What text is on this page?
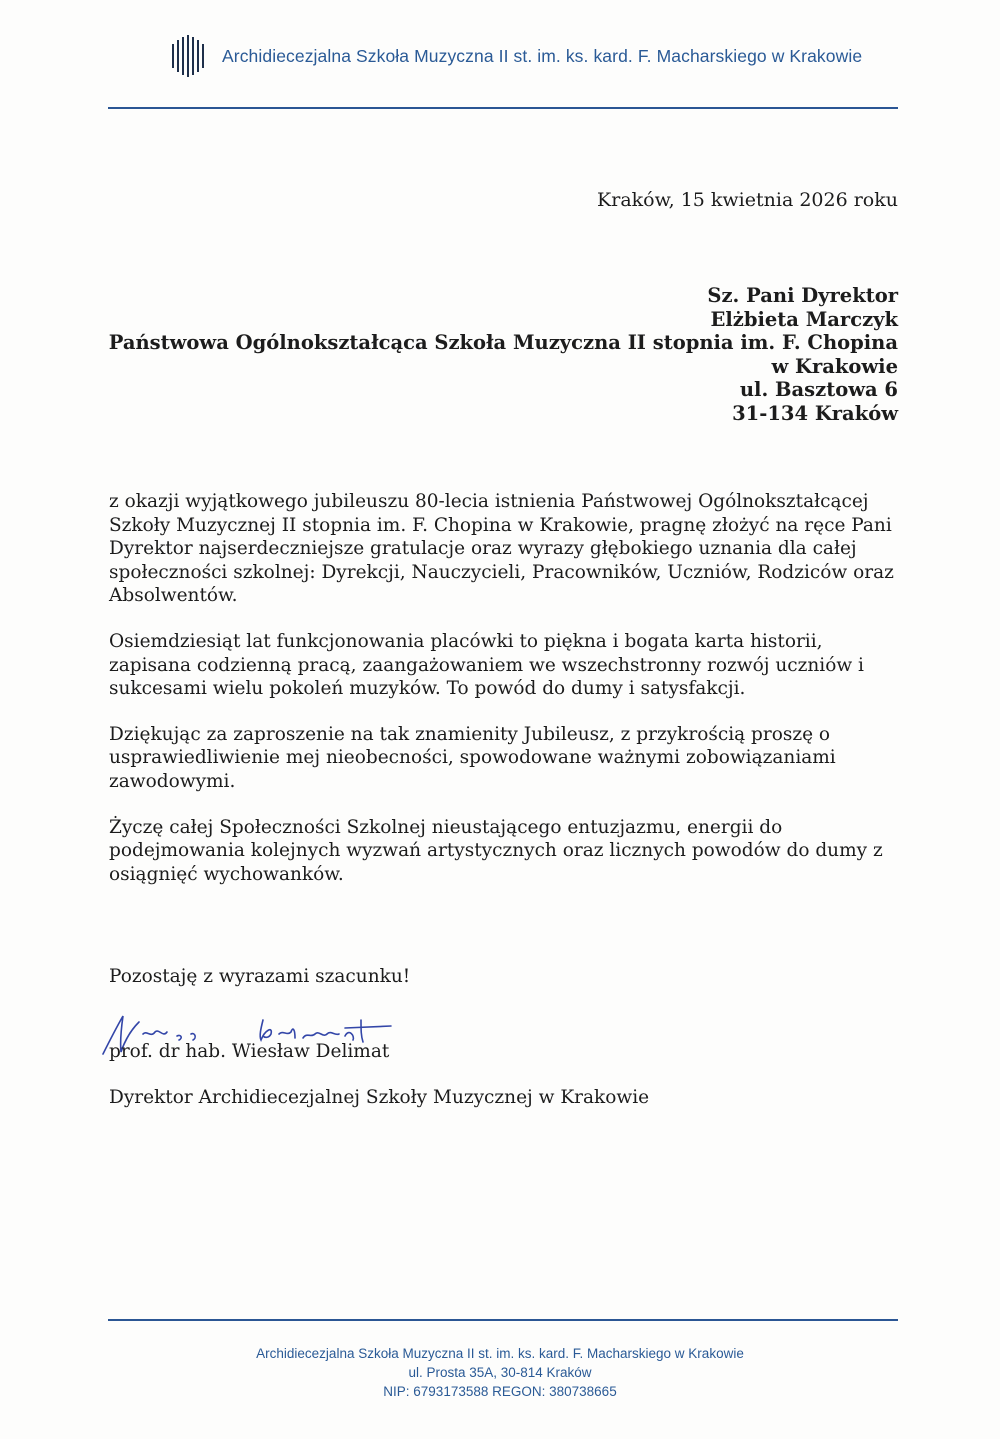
Archidiecezjalna Szkoła Muzyczna II st. im. ks. kard. F. Macharskiego w Krakowie
Kraków, 15 kwietnia 2026 roku
Sz. Pani Dyrektor
Elżbieta Marczyk
Państwowa Ogólnokształcąca Szkoła Muzyczna II stopnia im. F. Chopina
w Krakowie
ul. Basztowa 6
31-134 Kraków

z okazji wyjątkowego jubileuszu 80-lecia istnienia Państwowej Ogólnokształcącej Szkoły Muzycznej II stopnia im. F. Chopina w Krakowie, pragnę złożyć na ręce Pani Dyrektor najserdeczniejsze gratulacje oraz wyrazy głębokiego uznania dla całej społeczności szkolnej: Dyrekcji, Nauczycieli, Pracowników, Uczniów, Rodziców oraz Absolwentów.

Osiemdziesiąt lat funkcjonowania placówki to piękna i bogata karta historii, zapisana codzienną pracą, zaangażowaniem we wszechstronny rozwój uczniów i sukcesami wielu pokoleń muzyków. To powód do dumy i satysfakcji.

Dziękując za zaproszenie na tak znamienity Jubileusz, z przykrością proszę o usprawiedliwienie mej nieobecności, spowodowane ważnymi zobowiązaniami zawodowymi.

Życzę całej Społeczności Szkolnej nieustającego entuzjazmu, energii do podejmowania kolejnych wyzwań artystycznych oraz licznych powodów do dumy z osiągnięć wychowanków.

Pozostaję z wyrazami szacunku!
prof. dr hab. Wiesław Delimat
Dyrektor Archidiecezjalnej Szkoły Muzycznej w Krakowie
Archidiecezjalna Szkoła Muzyczna II st. im. ks. kard. F. Macharskiego w Krakowie
ul. Prosta 35A, 30-814 Kraków
NIP: 6793173588 REGON: 380738665
